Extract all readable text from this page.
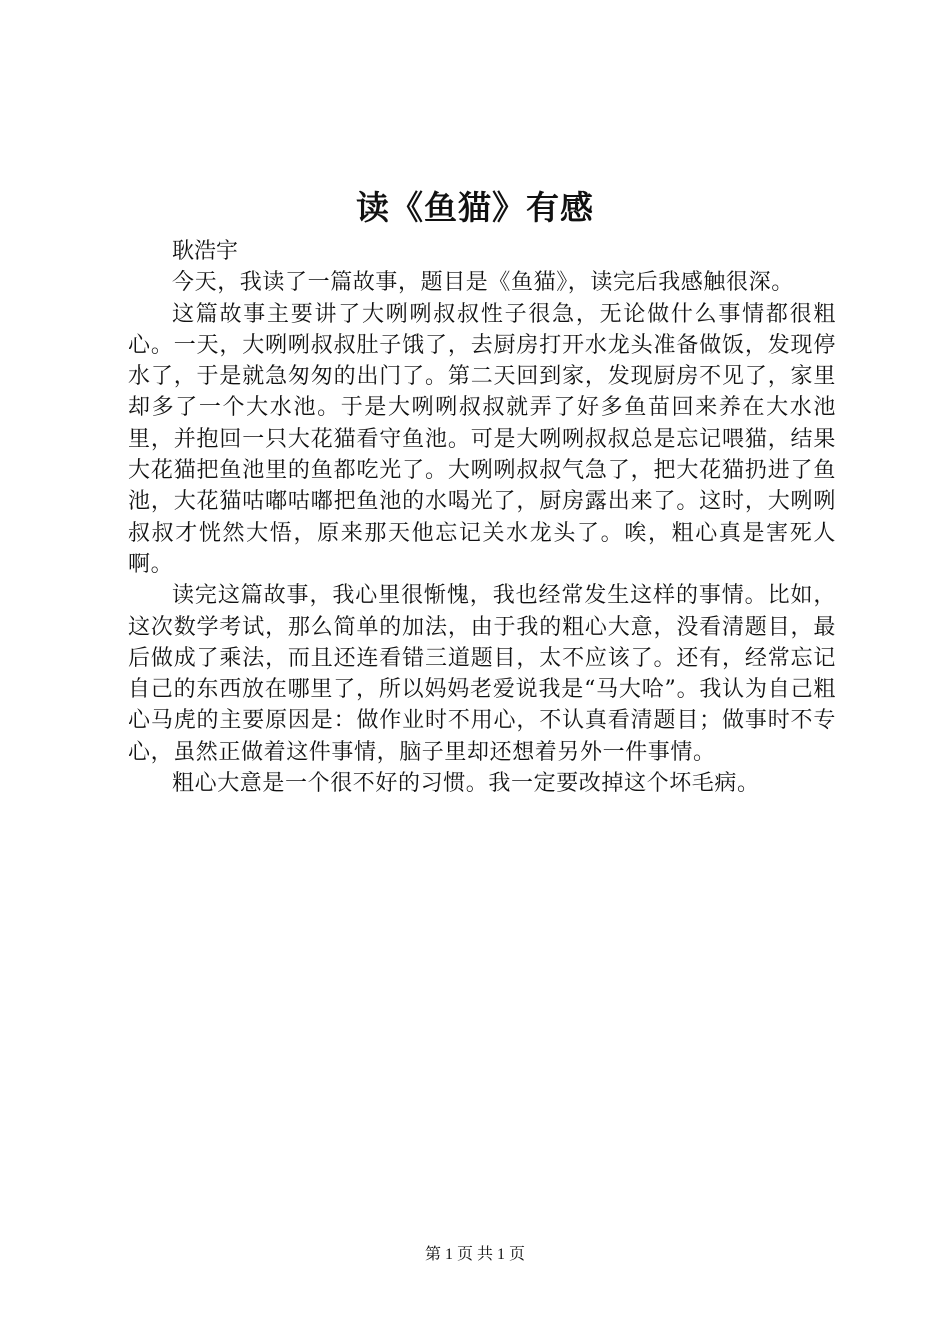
读《鱼猫》有感

耿浩宇

今天，我读了一篇故事，题目是《鱼猫》，读完后我感触很深。

这篇故事主要讲了大咧咧叔叔性子很急，无论做什么事情都很粗心。一天，大咧咧叔叔肚子饿了，去厨房打开水龙头准备做饭，发现停水了，于是就急匆匆的出门了。第二天回到家，发现厨房不见了，家里却多了一个大水池。于是大咧咧叔叔就弄了好多鱼苗回来养在大水池里，并抱回一只大花猫看守鱼池。可是大咧咧叔叔总是忘记喂猫，结果大花猫把鱼池里的鱼都吃光了。大咧咧叔叔气急了，把大花猫扔进了鱼池，大花猫咕嘟咕嘟把鱼池的水喝光了，厨房露出来了。这时，大咧咧叔叔才恍然大悟，原来那天他忘记关水龙头了。唉，粗心真是害死人啊。

读完这篇故事，我心里很惭愧，我也经常发生这样的事情。比如，这次数学考试，那么简单的加法，由于我的粗心大意，没看清题目，最后做成了乘法，而且还连看错三道题目，太不应该了。还有，经常忘记自己的东西放在哪里了，所以妈妈老爱说我是“马大哈”。我认为自己粗心马虎的主要原因是：做作业时不用心，不认真看清题目；做事时不专心，虽然正做着这件事情，脑子里却还想着另外一件事情。

粗心大意是一个很不好的习惯。我一定要改掉这个坏毛病。

第 1 页 共 1 页
